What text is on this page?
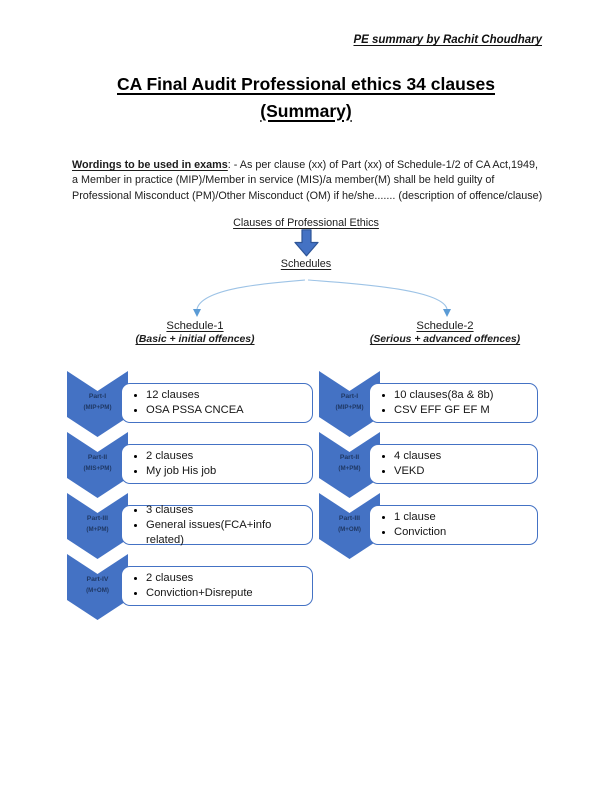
PE summary by Rachit Choudhary
CA Final Audit Professional ethics 34 clauses
(Summary)
Wordings to be used in exams: - As per clause (xx) of Part (xx) of Schedule-1/2 of CA Act,1949, a Member in practice (MIP)/Member in service (MIS)/a member(M) shall be held guilty of Professional Misconduct (PM)/Other Misconduct (OM) if he/she....... (description of offence/clause)
Clauses of Professional Ethics
Schedules
Schedule-1
(Basic + initial offences)
Schedule-2
(Serious + advanced offences)
Part-I
(MIP+PM)
Part-II
(MIS+PM)
Part-III
(M+PM)
Part-IV
(M+OM)
• 12 clauses
• OSA PSSA CNCEA
• 2 clauses
• My job His job
• 3 clauses
• General issues(FCA+info related)
• 2 clauses
• Conviction+Disrepute
Part-I
(MIP+PM)
Part-II
(M+PM)
Part-III
(M+OM)
• 10 clauses(8a & 8b)
• CSV EFF GF EF M
• 4 clauses
• VEKD
• 1 clause
• Conviction
